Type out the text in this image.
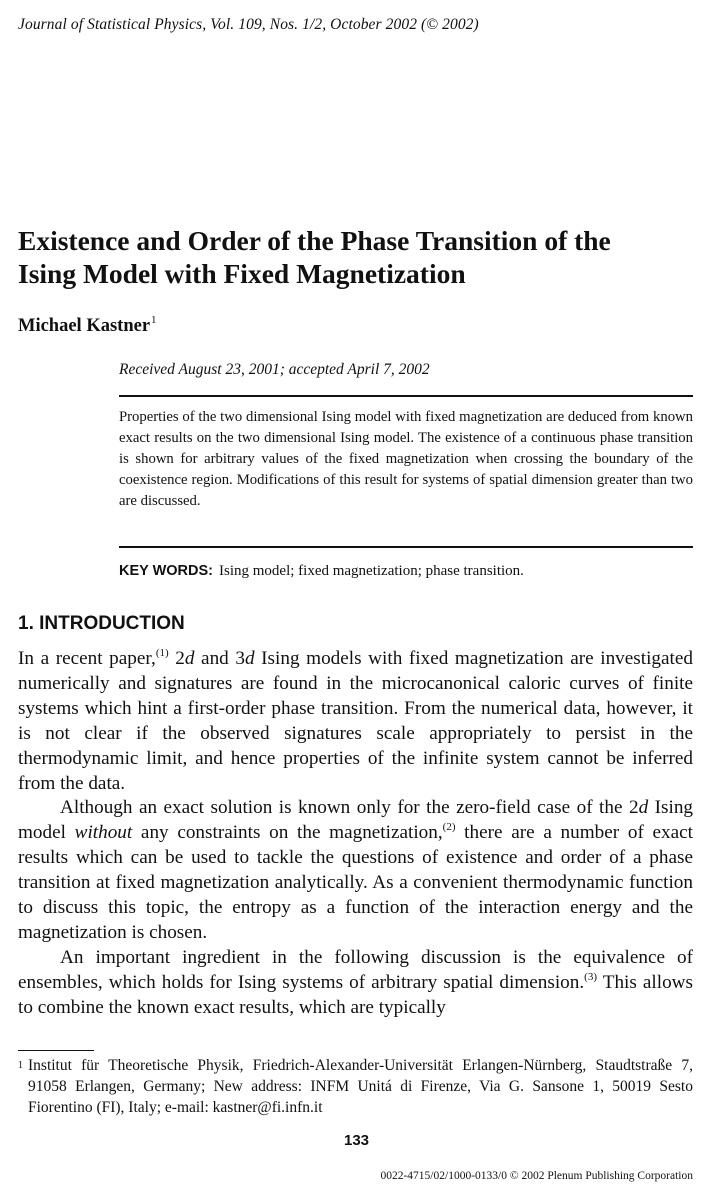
Journal of Statistical Physics, Vol. 109, Nos. 1/2, October 2002 (© 2002)
Existence and Order of the Phase Transition of the
Ising Model with Fixed Magnetization
Michael Kastner$^1$
Received August 23, 2001; accepted April 7, 2002
Properties of the two dimensional Ising model with fixed magnetization are deduced from known exact results on the two dimensional Ising model. The existence of a continuous phase transition is shown for arbitrary values of the fixed magnetization when crossing the boundary of the coexistence region. Modifications of this result for systems of spatial dimension greater than two are discussed.
KEY WORDS: Ising model; fixed magnetization; phase transition.
1. INTRODUCTION

In a recent paper,$^{(1)}$ 2d and 3d Ising models with fixed magnetization are investigated numerically and signatures are found in the microcanonical caloric curves of finite systems which hint a first-order phase transition. From the numerical data, however, it is not clear if the observed signatures scale appropriately to persist in the thermodynamic limit, and hence properties of the infinite system cannot be inferred from the data.

Although an exact solution is known only for the zero-field case of the 2d Ising model without any constraints on the magnetization,$^{(2)}$ there are a number of exact results which can be used to tackle the questions of existence and order of a phase transition at fixed magnetization analytically. As a convenient thermodynamic function to discuss this topic, the entropy as a function of the interaction energy and the magnetization is chosen.

An important ingredient in the following discussion is the equivalence of ensembles, which holds for Ising systems of arbitrary spatial dimension.$^{(3)}$ This allows to combine the known exact results, which are typically

1 Institut für Theoretische Physik, Friedrich-Alexander-Universität Erlangen-Nürnberg, Staudtstraße 7, 91058 Erlangen, Germany; New address: INFM Unitá di Firenze, Via G. Sansone 1, 50019 Sesto Fiorentino (FI), Italy; e-mail: kastner@fi.infn.it
133
0022-4715/02/1000-0133/0 © 2002 Plenum Publishing Corporation
